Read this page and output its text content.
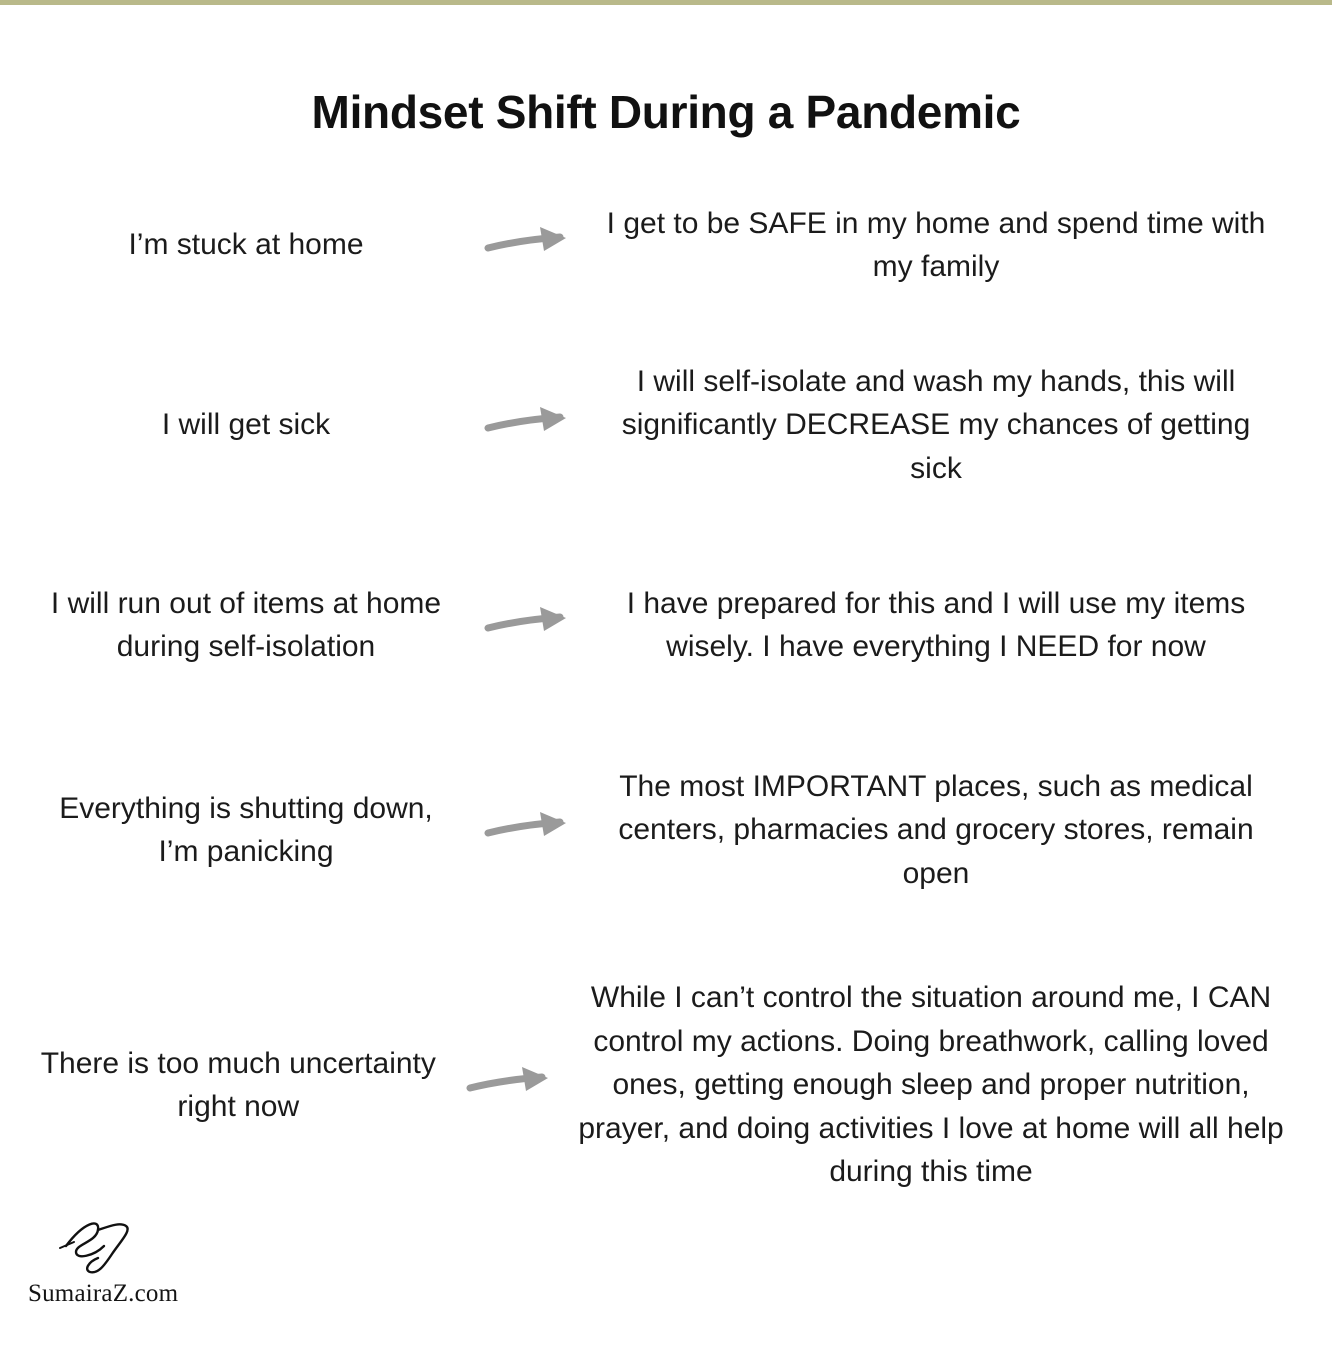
Mindset Shift During a Pandemic
I’m stuck at home
I get to be SAFE in my home and spend time with my family
I will get sick
I will self-isolate and wash my hands, this will significantly DECREASE my chances of getting sick
I will run out of items at home during self-isolation
I have prepared for this and I will use my items wisely. I have everything I NEED for now
Everything is shutting down, I’m panicking
The most IMPORTANT places, such as medical centers, pharmacies and grocery stores, remain open
There is too much uncertainty right now
While I can’t control the situation around me, I CAN control my actions. Doing breathwork, calling loved ones, getting enough sleep and proper nutrition, prayer, and doing activities I love at home will all help during this time
SumairaZ.com
